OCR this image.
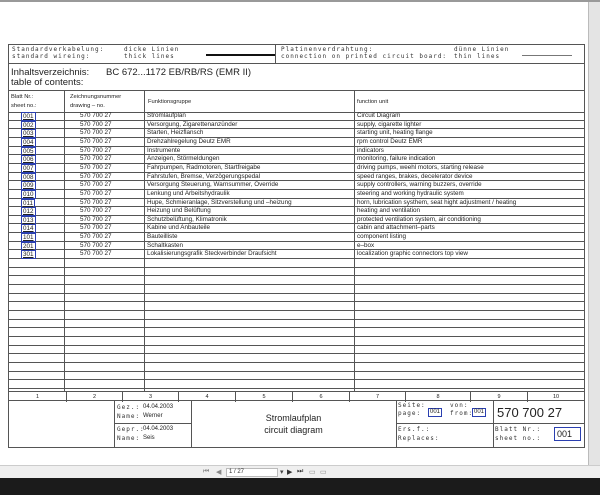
Standardverkabelung:
standard wireing:
dicke Linien
thick lines
Platinenverdrahtung:
connection on printed circuit board:
dünne Linien
thin lines
Inhaltsverzeichnis:
table of contents:
BC 672...1172 EB/RB/RS (EMR II)
Blatt Nr.:
sheet no.:
Zeichnungsnummer
drawing – no.
Funktionsgruppe	function unit
001	570 700 27	Stromlaufplan	Circuit Diagram
002	570 700 27	Versorgung, Zigarettenanzünder	supply, cigarette lighter
003	570 700 27	Starten, Heizflansch	starting unit, heating flange
004	570 700 27	Drehzahlregelung Deutz EMR	rpm control Deutz EMR
005	570 700 27	Instrumente	indicators
006	570 700 27	Anzeigen, Störmeldungen	monitoring, failure indication
007	570 700 27	Fahrpumpen, Radmotoren, Startfreigabe	driving pumps, weehl motors, starting release
008	570 700 27	Fahrstufen, Bremse, Verzögerungspedal	speed ranges, brakes, decelerator device
009	570 700 27	Versorgung Steuerung, Warnsummer, Override	supply controllers, warning buzzers, override
010	570 700 27	Lenkung und Arbeitshydraulik	steering and working hydraulic system
011	570 700 27	Hupe, Schmieranlage, Sitzverstellung und –heizung	horn, lubrication systhem, seat hight adjustment / heating
012	570 700 27	Heizung und Belüftung	heating and ventilation
013	570 700 27	Schutzbelüftung, Klimatronik	protected ventilation system, air conditioning
014	570 700 27	Kabine und Anbauteile	cabin and attachment–parts
101	570 700 27	Bauteilliste	component listing
201	570 700 27	Schaltkasten	e–box
301	570 700 27	Lokalisierungsgrafik Steckverbinder Draufsicht	localization graphic connectors top view
1	2	3	4	5	6	7	8	9	10
Gez.: 04.04.2003
Name: Werner
Gepr.:
04.04.2003
Name: Seis
Stromlaufplan
circuit diagram
Seite:
page:	001
von:
from: 001 570 700 27
Ers.f.:
Replaces:
Blatt Nr.:
sheet no.:	001
⏮ ◀	1 / 27	▾ ▶ ⏭ ▭ ▭
